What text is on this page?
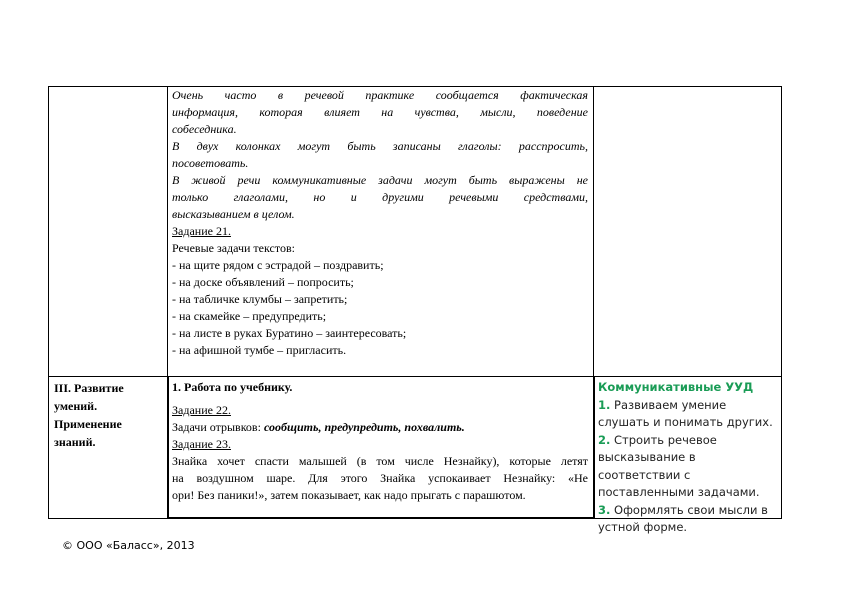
Очень часто в речевой практике сообщается фактическая
информация, которая влияет на чувства, мысли, поведение
собеседника.
В двух колонках могут быть записаны глаголы: расспросить,
посоветовать.
В живой речи коммуникативные задачи могут быть выражены не
только глаголами, но и другими речевыми средствами,
высказыванием в целом.
Задание 21.
Речевые задачи текстов:
- на щите рядом с эстрадой – поздравить;
- на доске объявлений – попросить;
- на табличке клумбы – запретить;
- на скамейке – предупредить;
- на листе в руках Буратино – заинтересовать;
- на афишной тумбе – пригласить.
III. Развитие
умений.
Применение
знаний.
1. Работа по учебнику.
Задание 22.
Задачи отрывков: сообщить, предупредить, похвалить.
Задание 23.
Знайка хочет спасти малышей (в том числе Незнайку), которые летят
на воздушном шаре. Для этого Знайка успокаивает Незнайку: «Не
ори! Без паники!», затем показывает, как надо прыгать с парашютом.
Коммуникативные УУД
1. Развиваем умение слушать и понимать других.
2. Строить речевое высказывание в соответствии с поставленными задачами.
3. Оформлять свои мысли в устной форме.
© ООО «Баласс», 2013
